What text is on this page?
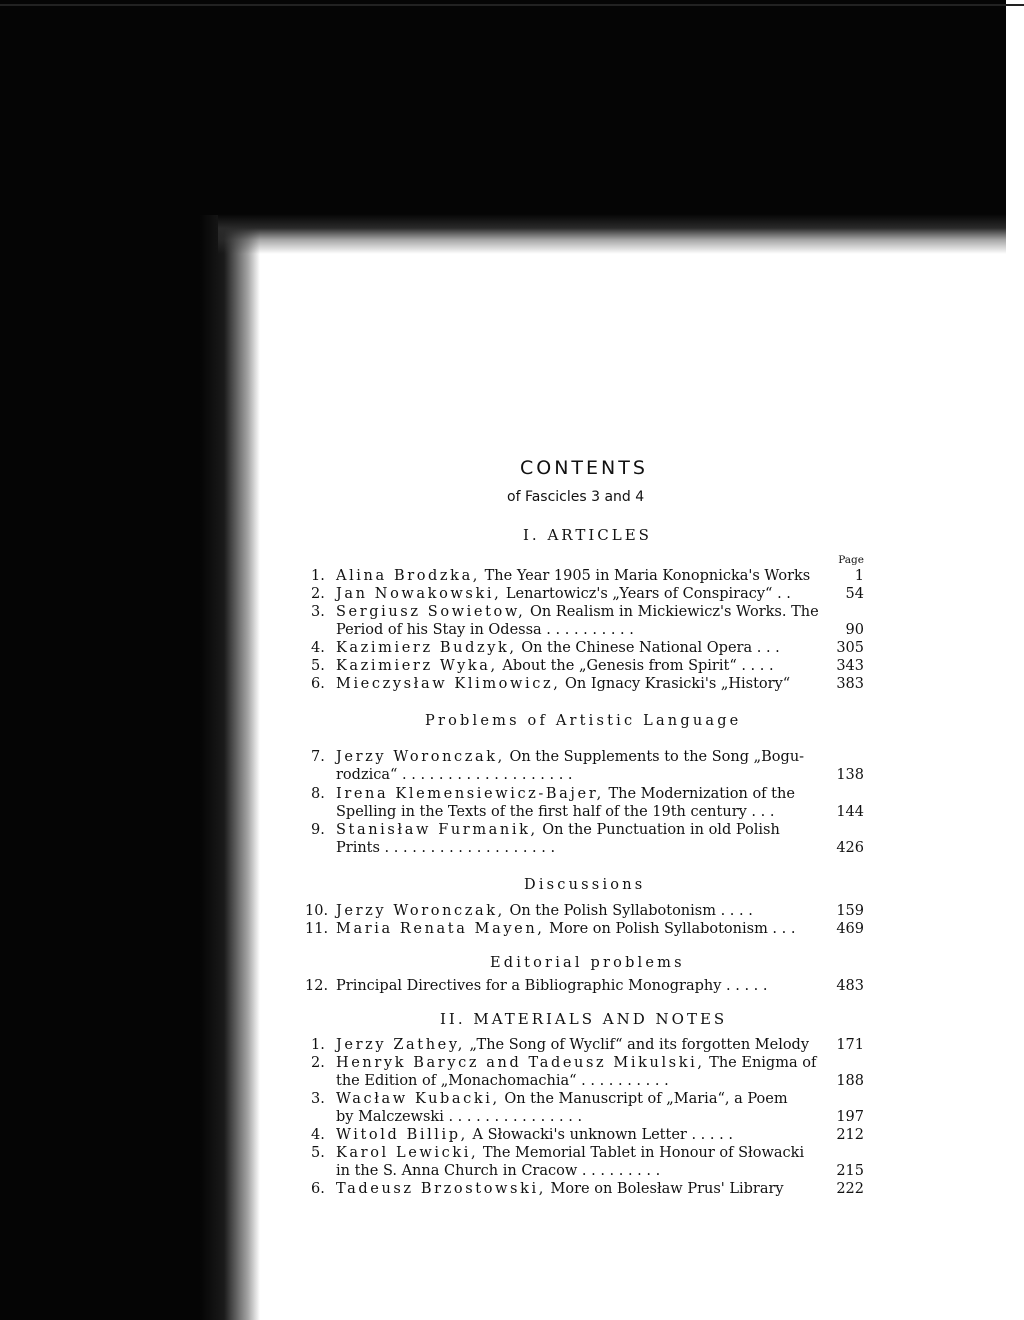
CONTENTS
of Fascicles 3 and 4
I. ARTICLES
Page
1. Alina Brodzka, The Year 1905 in Maria Konopnicka's Works	1
2. Jan Nowakowski, Lenartowicz's „Years of Conspiracy“ . .	54
3. Sergiusz Sowietow, On Realism in Mickiewicz's Works. The
Period of his Stay in Odessa . . . . . . . . . .	90
4. Kazimierz Budzyk, On the Chinese National Opera . . .	305
5. Kazimierz Wyka, About the „Genesis from Spirit“ . . . .	343
6. Mieczysław Klimowicz, On Ignacy Krasicki's „History“	383
Problems of Artistic Language
7. Jerzy Woronczak, On the Supplements to the Song „Bogu-
rodzica“ . . . . . . . . . . . . . . . . . . .	138
8. Irena Klemensiewicz-Bajer, The Modernization of the
Spelling in the Texts of the first half of the 19th century . . .	144
9. Stanisław Furmanik, On the Punctuation in old Polish
Prints . . . . . . . . . . . . . . . . . . .	426
Discussions
10. Jerzy Woronczak, On the Polish Syllabotonism . . . .	159
11. Maria Renata Mayen, More on Polish Syllabotonism . . .	469
Editorial problems
12. Principal Directives for a Bibliographic Monography . . . . .	483
II. MATERIALS AND NOTES
1. Jerzy Zathey, „The Song of Wyclif“ and its forgotten Melody 171
2. Henryk Barycz and Tadeusz Mikulski, The Enigma of
the Edition of „Monachomachia“ . . . . . . . . . .	188
3. Wacław Kubacki, On the Manuscript of „Maria“, a Poem
by Malczewski . . . . . . . . . . . . . . .	197
4. Witold Billip, A Słowacki's unknown Letter . . . . .	212
5. Karol Lewicki, The Memorial Tablet in Honour of Słowacki
in the S. Anna Church in Cracow . . . . . . . . .	215
6. Tadeusz Brzostowski, More on Bolesław Prus' Library	222
